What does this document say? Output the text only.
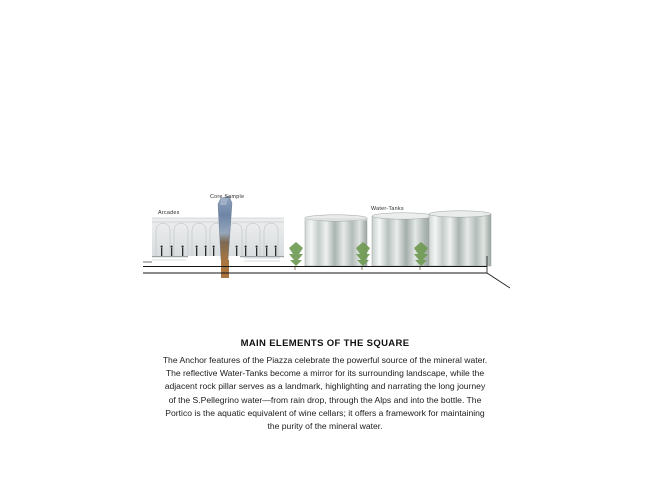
Arcades
Core Sample
Water-Tanks
MAIN ELEMENTS OF THE SQUARE

The Anchor features of the Piazza celebrate the powerful source of the mineral water. The reflective Water-Tanks become a mirror for its surrounding landscape, while the adjacent rock pillar serves as a landmark, highlighting and narrating the long journey of the S.Pellegrino water—from rain drop, through the Alps and into the bottle. The Portico is the aquatic equivalent of wine cellars; it offers a framework for maintaining the purity of the mineral water.
